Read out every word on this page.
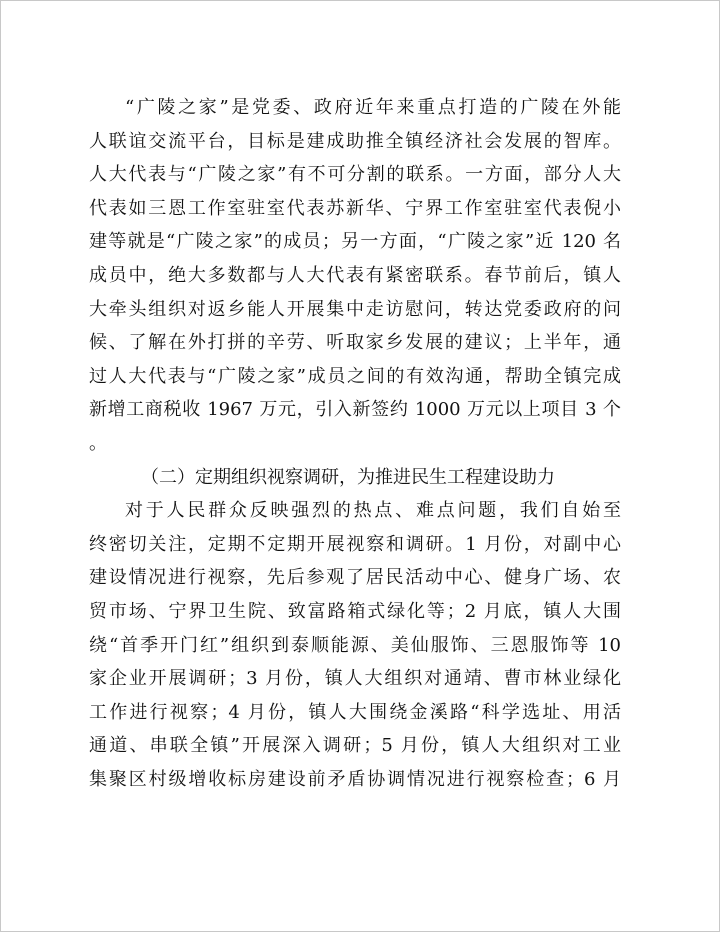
“广陵之家”是党委、政府近年来重点打造的广陵在外能
人联谊交流平台，目标是建成助推全镇经济社会发展的智库。
人大代表与“广陵之家”有不可分割的联系。一方面，部分人大
代表如三恩工作室驻室代表苏新华、宁界工作室驻室代表倪小
建等就是“广陵之家”的成员；另一方面，“广陵之家”近 120 名
成员中，绝大多数都与人大代表有紧密联系。春节前后，镇人
大牵头组织对返乡能人开展集中走访慰问，转达党委政府的问
候、了解在外打拼的辛劳、听取家乡发展的建议；上半年，通
过人大代表与“广陵之家”成员之间的有效沟通，帮助全镇完成
新增工商税收 1967 万元，引入新签约 1000 万元以上项目 3 个
。
（二）定期组织视察调研，为推进民生工程建设助力
对于人民群众反映强烈的热点、难点问题，我们自始至
终密切关注，定期不定期开展视察和调研。1 月份，对副中心
建设情况进行视察，先后参观了居民活动中心、健身广场、农
贸市场、宁界卫生院、致富路箱式绿化等；2 月底，镇人大围
绕“首季开门红”组织到泰顺能源、美仙服饰、三恩服饰等 10
家企业开展调研；3 月份，镇人大组织对通靖、曹市林业绿化
工作进行视察；4 月份，镇人大围绕金溪路“科学选址、用活
通道、串联全镇”开展深入调研；5 月份，镇人大组织对工业
集聚区村级增收标房建设前矛盾协调情况进行视察检查；6 月
